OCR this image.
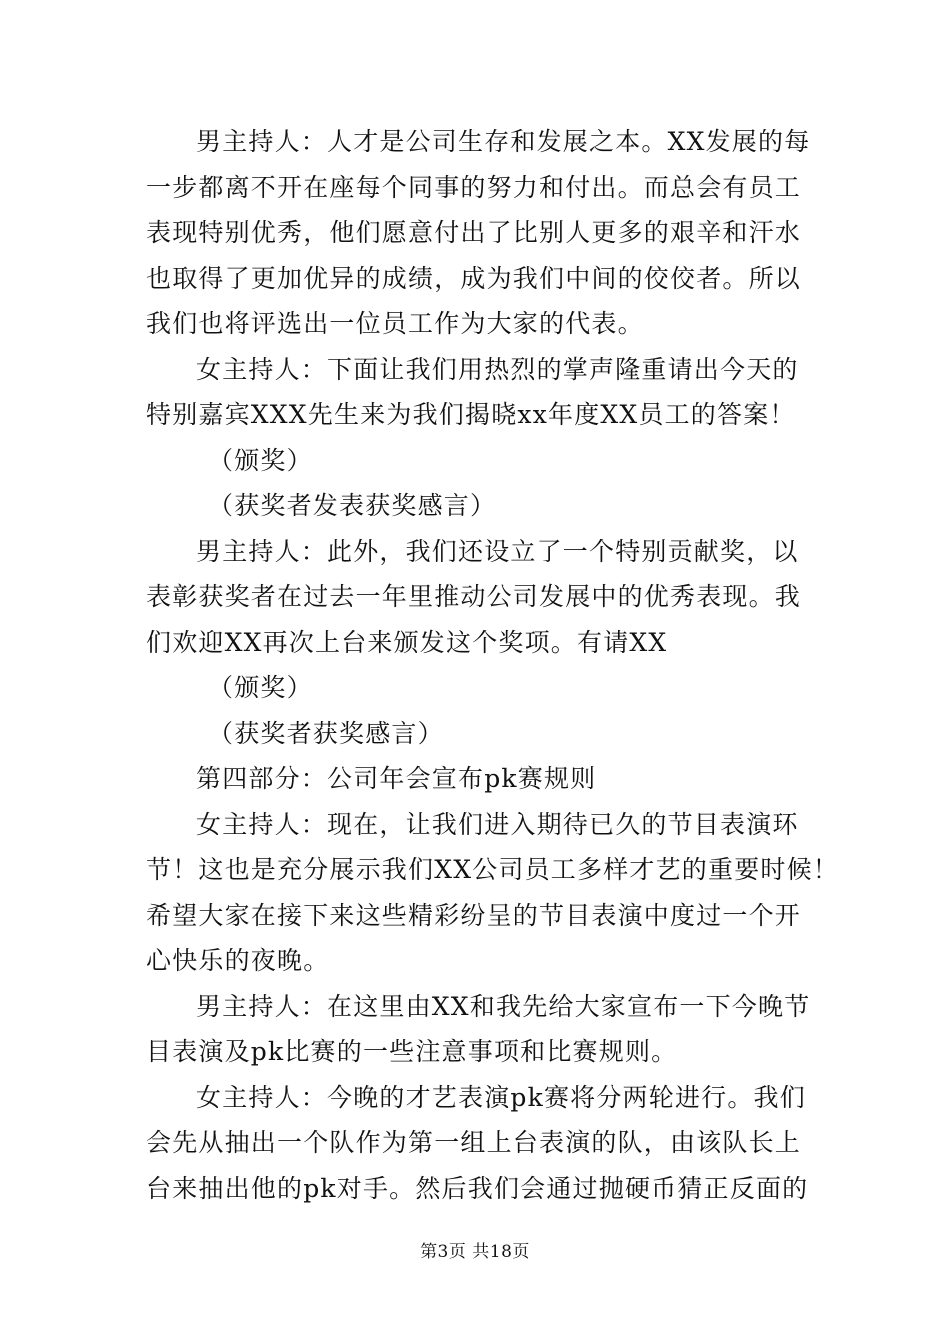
男主持人：人才是公司生存和发展之本。XX发展的每
一步都离不开在座每个同事的努力和付出。而总会有员工
表现特别优秀，他们愿意付出了比别人更多的艰辛和汗水
也取得了更加优异的成绩，成为我们中间的佼佼者。所以
我们也将评选出一位员工作为大家的代表。
女主持人：下面让我们用热烈的掌声隆重请出今天的
特别嘉宾XXX先生来为我们揭晓xx年度XX员工的答案！
（颁奖）
（获奖者发表获奖感言）
男主持人：此外，我们还设立了一个特别贡献奖，以
表彰获奖者在过去一年里推动公司发展中的优秀表现。我
们欢迎XX再次上台来颁发这个奖项。有请XX
（颁奖）
（获奖者获奖感言）
第四部分：公司年会宣布pk赛规则
女主持人：现在，让我们进入期待已久的节目表演环
节！这也是充分展示我们XX公司员工多样才艺的重要时候！
希望大家在接下来这些精彩纷呈的节目表演中度过一个开
心快乐的夜晚。
男主持人：在这里由XX和我先给大家宣布一下今晚节
目表演及pk比赛的一些注意事项和比赛规则。
女主持人：今晚的才艺表演pk赛将分两轮进行。我们
会先从抽出一个队作为第一组上台表演的队，由该队长上
台来抽出他的pk对手。然后我们会通过抛硬币猜正反面的
第3页 共18页
